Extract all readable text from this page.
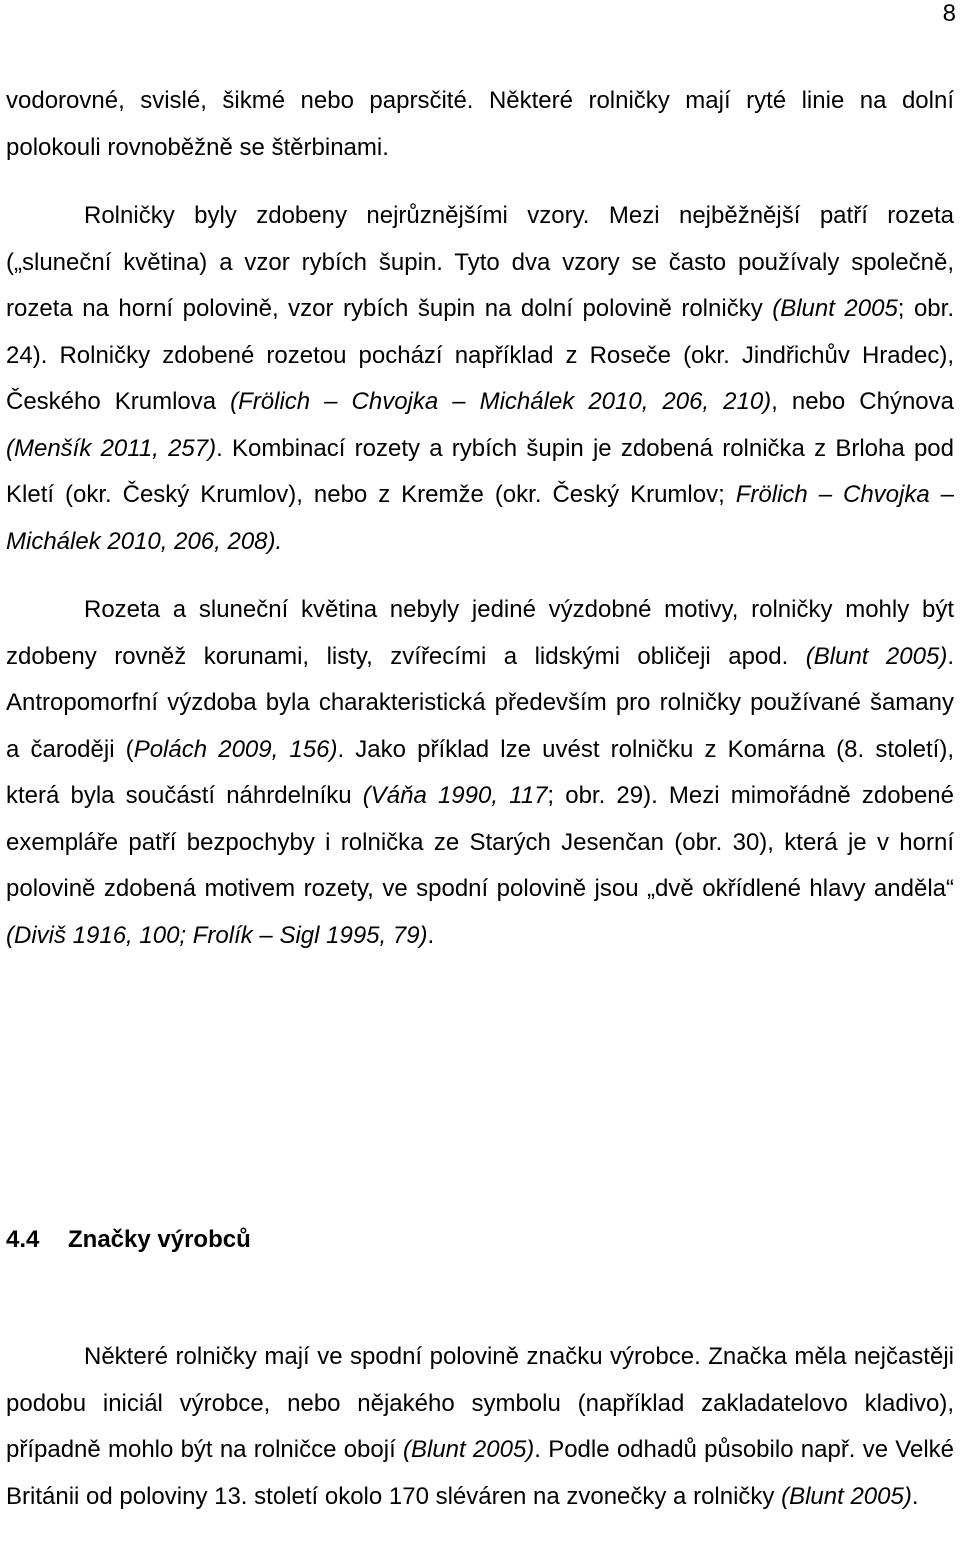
8

vodorovné, svislé, šikmé nebo paprsčité. Některé rolničky mají ryté linie na dolní polokouli rovnoběžně se štěrbinami.

Rolničky byly zdobeny nejrůznějšími vzory. Mezi nejběžnější patří rozeta („sluneční květina) a vzor rybích šupin. Tyto dva vzory se často používaly společně, rozeta na horní polovině, vzor rybích šupin na dolní polovině rolničky (Blunt 2005; obr. 24). Rolničky zdobené rozetou pochází například z Roseče (okr. Jindřichův Hradec), Českého Krumlova (Frölich – Chvojka – Michálek 2010, 206, 210), nebo Chýnova (Menšík 2011, 257). Kombinací rozety a rybích šupin je zdobená rolnička z Brloha pod Kletí (okr. Český Krumlov), nebo z Kremže (okr. Český Krumlov; Frölich – Chvojka – Michálek 2010, 206, 208).

Rozeta a sluneční květina nebyly jediné výzdobné motivy, rolničky mohly být zdobeny rovněž korunami, listy, zvířecími a lidskými obličeji apod. (Blunt 2005). Antropomorfní výzdoba byla charakteristická především pro rolničky používané šamany a čaroději (Polách 2009, 156). Jako příklad lze uvést rolničku z Komárna (8. století), která byla součástí náhrdelníku (Váňa 1990, 117; obr. 29). Mezi mimořádně zdobené exempláře patří bezpochyby i rolnička ze Starých Jesenčan (obr. 30), která je v horní polovině zdobená motivem rozety, ve spodní polovině jsou „dvě okřídlené hlavy anděla“ (Diviš 1916, 100; Frolík – Sigl 1995, 79).

4.4 Značky výrobců

Některé rolničky mají ve spodní polovině značku výrobce. Značka měla nejčastěji podobu iniciál výrobce, nebo nějakého symbolu (například zakladatelovo kladivo), případně mohlo být na rolničce obojí (Blunt 2005). Podle odhadů působilo např. ve Velké Británii od poloviny 13. století okolo 170 sléváren na zvonečky a rolničky (Blunt 2005).
